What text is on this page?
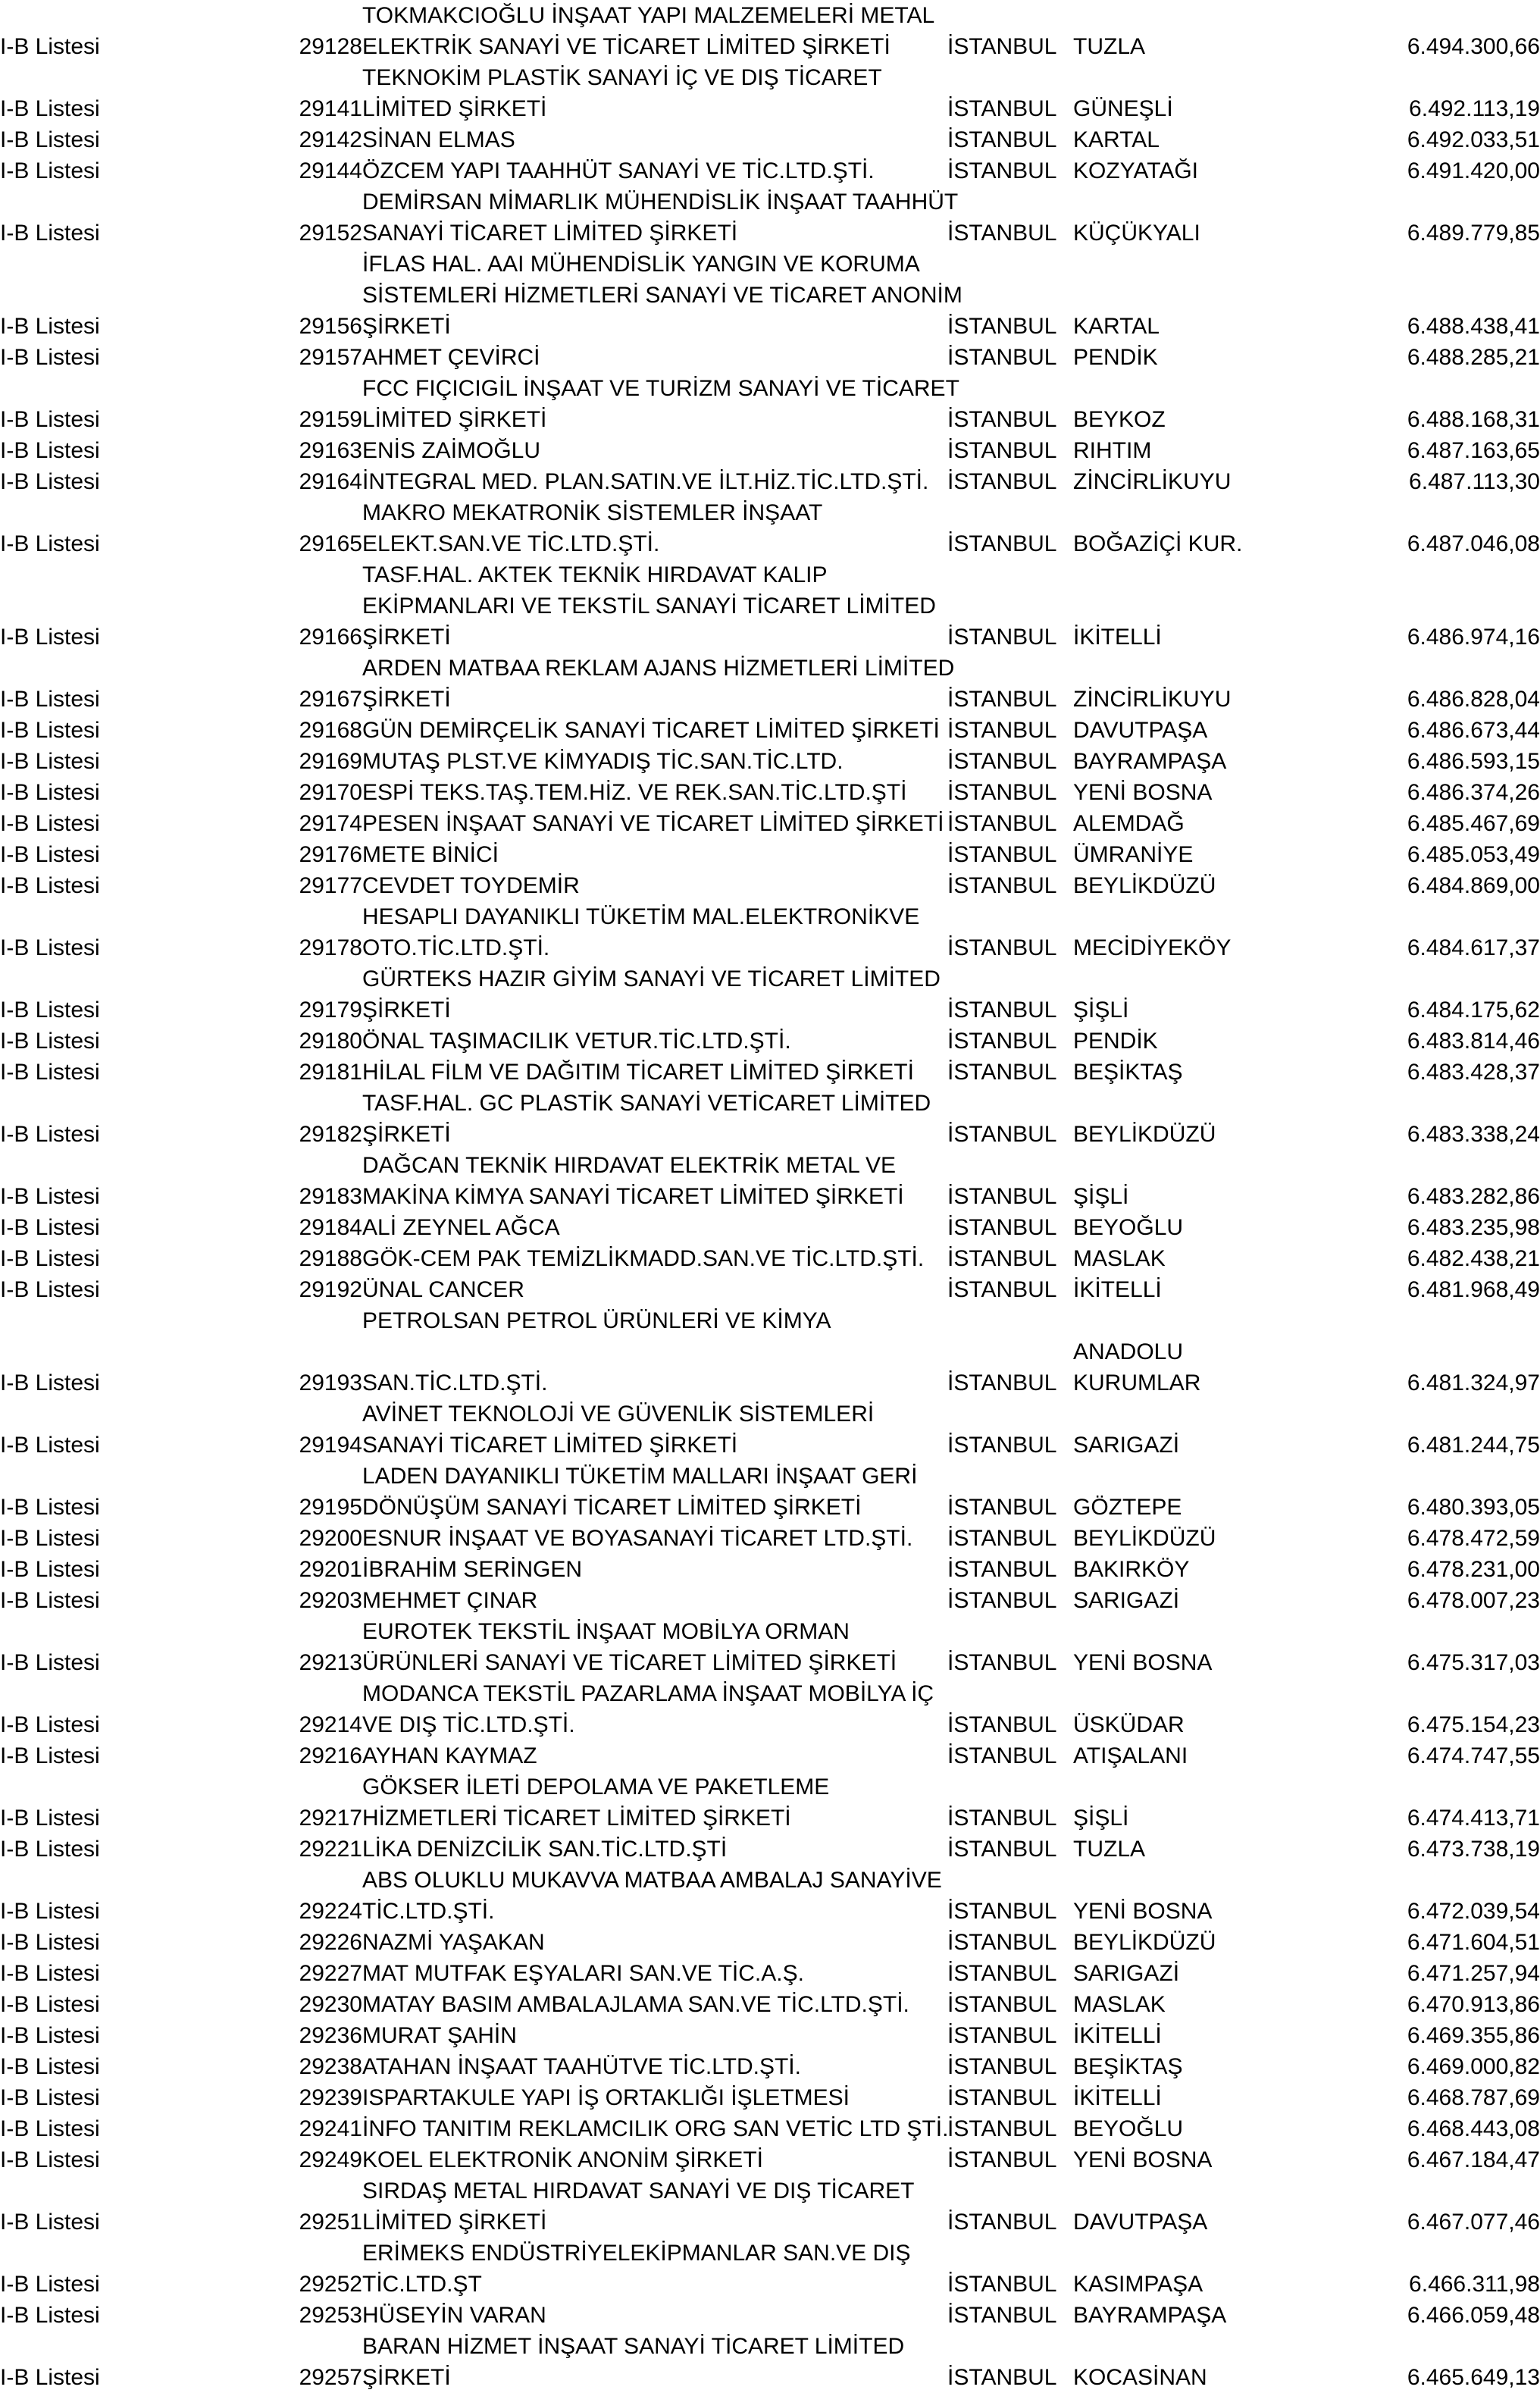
		TOKMAKCIOĞLU İNŞAAT YAPI MALZEMELERİ METAL			
I-B Listesi	29128	ELEKTRİK SANAYİ VE TİCARET LİMİTED ŞİRKETİ	İSTANBUL	TUZLA	6.494.300,66
		TEKNOKİM PLASTİK SANAYİ İÇ VE DIŞ TİCARET			
I-B Listesi	29141	LİMİTED ŞİRKETİ	İSTANBUL	GÜNEŞLİ	6.492.113,19
I-B Listesi	29142	SİNAN ELMAS	İSTANBUL	KARTAL	6.492.033,51
I-B Listesi	29144	ÖZCEM YAPI TAAHHÜT SANAYİ VE TİC.LTD.ŞTİ.	İSTANBUL	KOZYATAĞI	6.491.420,00
		DEMİRSAN MİMARLIK MÜHENDİSLİK İNŞAAT TAAHHÜT			
I-B Listesi	29152	SANAYİ TİCARET LİMİTED ŞİRKETİ	İSTANBUL	KÜÇÜKYALI	6.489.779,85
		İFLAS HAL. AAI MÜHENDİSLİK YANGIN VE KORUMA			
		SİSTEMLERİ HİZMETLERİ SANAYİ VE TİCARET ANONİM			
I-B Listesi	29156	ŞİRKETİ	İSTANBUL	KARTAL	6.488.438,41
I-B Listesi	29157	AHMET ÇEVİRCİ	İSTANBUL	PENDİK	6.488.285,21
		FCC FIÇICIGİL İNŞAAT VE TURİZM SANAYİ VE TİCARET			
I-B Listesi	29159	LİMİTED ŞİRKETİ	İSTANBUL	BEYKOZ	6.488.168,31
I-B Listesi	29163	ENİS ZAİMOĞLU	İSTANBUL	RIHTIM	6.487.163,65
I-B Listesi	29164	İNTEGRAL MED. PLAN.SATIN.VE İLT.HİZ.TİC.LTD.ŞTİ.	İSTANBUL	ZİNCİRLİKUYU	6.487.113,30
		MAKRO MEKATRONİK SİSTEMLER İNŞAAT			
I-B Listesi	29165	ELEKT.SAN.VE TİC.LTD.ŞTİ.	İSTANBUL	BOĞAZİÇİ KUR.	6.487.046,08
		TASF.HAL. AKTEK TEKNİK HIRDAVAT KALIP			
		EKİPMANLARI VE TEKSTİL SANAYİ TİCARET LİMİTED			
I-B Listesi	29166	ŞİRKETİ	İSTANBUL	İKİTELLİ	6.486.974,16
		ARDEN MATBAA REKLAM AJANS HİZMETLERİ LİMİTED			
I-B Listesi	29167	ŞİRKETİ	İSTANBUL	ZİNCİRLİKUYU	6.486.828,04
I-B Listesi	29168	GÜN DEMİRÇELİK SANAYİ TİCARET LİMİTED ŞİRKETİ	İSTANBUL	DAVUTPAŞA	6.486.673,44
I-B Listesi	29169	MUTAŞ PLST.VE KİMYADIŞ TİC.SAN.TİC.LTD.	İSTANBUL	BAYRAMPAŞA	6.486.593,15
I-B Listesi	29170	ESPİ TEKS.TAŞ.TEM.HİZ. VE REK.SAN.TİC.LTD.ŞTİ	İSTANBUL	YENİ BOSNA	6.486.374,26
I-B Listesi	29174	PESEN İNŞAAT SANAYİ VE TİCARET LİMİTED ŞİRKETİ	İSTANBUL	ALEMDAĞ	6.485.467,69
I-B Listesi	29176	METE BİNİCİ	İSTANBUL	ÜMRANİYE	6.485.053,49
I-B Listesi	29177	CEVDET TOYDEMİR	İSTANBUL	BEYLİKDÜZÜ	6.484.869,00
		HESAPLI DAYANIKLI TÜKETİM MAL.ELEKTRONİKVE			
I-B Listesi	29178	OTO.TİC.LTD.ŞTİ.	İSTANBUL	MECİDİYEKÖY	6.484.617,37
		GÜRTEKS HAZIR GİYİM SANAYİ VE TİCARET LİMİTED			
I-B Listesi	29179	ŞİRKETİ	İSTANBUL	ŞİŞLİ	6.484.175,62
I-B Listesi	29180	ÖNAL TAŞIMACILIK VETUR.TİC.LTD.ŞTİ.	İSTANBUL	PENDİK	6.483.814,46
I-B Listesi	29181	HİLAL FİLM VE DAĞITIM TİCARET LİMİTED ŞİRKETİ	İSTANBUL	BEŞİKTAŞ	6.483.428,37
		TASF.HAL. GC PLASTİK SANAYİ VETİCARET LİMİTED			
I-B Listesi	29182	ŞİRKETİ	İSTANBUL	BEYLİKDÜZÜ	6.483.338,24
		DAĞCAN TEKNİK HIRDAVAT ELEKTRİK METAL VE			
I-B Listesi	29183	MAKİNA KİMYA SANAYİ TİCARET LİMİTED ŞİRKETİ	İSTANBUL	ŞİŞLİ	6.483.282,86
I-B Listesi	29184	ALİ ZEYNEL AĞCA	İSTANBUL	BEYOĞLU	6.483.235,98
I-B Listesi	29188	GÖK-CEM PAK TEMİZLİKMADD.SAN.VE TİC.LTD.ŞTİ.	İSTANBUL	MASLAK	6.482.438,21
I-B Listesi	29192	ÜNAL CANCER	İSTANBUL	İKİTELLİ	6.481.968,49
		PETROLSAN PETROL ÜRÜNLERİ VE KİMYA			
				ANADOLU	
I-B Listesi	29193	SAN.TİC.LTD.ŞTİ.	İSTANBUL	KURUMLAR	6.481.324,97
		AVİNET TEKNOLOJİ VE GÜVENLİK SİSTEMLERİ			
I-B Listesi	29194	SANAYİ TİCARET LİMİTED ŞİRKETİ	İSTANBUL	SARIGAZİ	6.481.244,75
		LADEN DAYANIKLI TÜKETİM MALLARI İNŞAAT GERİ			
I-B Listesi	29195	DÖNÜŞÜM SANAYİ TİCARET LİMİTED ŞİRKETİ	İSTANBUL	GÖZTEPE	6.480.393,05
I-B Listesi	29200	ESNUR İNŞAAT VE BOYASANAYİ TİCARET LTD.ŞTİ.	İSTANBUL	BEYLİKDÜZÜ	6.478.472,59
I-B Listesi	29201	İBRAHİM SERİNGEN	İSTANBUL	BAKIRKÖY	6.478.231,00
I-B Listesi	29203	MEHMET ÇINAR	İSTANBUL	SARIGAZİ	6.478.007,23
		EUROTEK TEKSTİL İNŞAAT MOBİLYA ORMAN			
I-B Listesi	29213	ÜRÜNLERİ SANAYİ VE TİCARET LİMİTED ŞİRKETİ	İSTANBUL	YENİ BOSNA	6.475.317,03
		MODANCA TEKSTİL PAZARLAMA İNŞAAT MOBİLYA İÇ			
I-B Listesi	29214	VE DIŞ TİC.LTD.ŞTİ.	İSTANBUL	ÜSKÜDAR	6.475.154,23
I-B Listesi	29216	AYHAN KAYMAZ	İSTANBUL	ATIŞALANI	6.474.747,55
		GÖKSER İLETİ DEPOLAMA VE PAKETLEME			
I-B Listesi	29217	HİZMETLERİ TİCARET LİMİTED ŞİRKETİ	İSTANBUL	ŞİŞLİ	6.474.413,71
I-B Listesi	29221	LİKA DENİZCİLİK SAN.TİC.LTD.ŞTİ	İSTANBUL	TUZLA	6.473.738,19
		ABS OLUKLU MUKAVVA MATBAA AMBALAJ SANAYİVE			
I-B Listesi	29224	TİC.LTD.ŞTİ.	İSTANBUL	YENİ BOSNA	6.472.039,54
I-B Listesi	29226	NAZMİ YAŞAKAN	İSTANBUL	BEYLİKDÜZÜ	6.471.604,51
I-B Listesi	29227	MAT MUTFAK EŞYALARI SAN.VE TİC.A.Ş.	İSTANBUL	SARIGAZİ	6.471.257,94
I-B Listesi	29230	MATAY BASIM AMBALAJLAMA SAN.VE TİC.LTD.ŞTİ.	İSTANBUL	MASLAK	6.470.913,86
I-B Listesi	29236	MURAT ŞAHİN	İSTANBUL	İKİTELLİ	6.469.355,86
I-B Listesi	29238	ATAHAN İNŞAAT TAAHÜTVE TİC.LTD.ŞTİ.	İSTANBUL	BEŞİKTAŞ	6.469.000,82
I-B Listesi	29239	ISPARTAKULE YAPI İŞ ORTAKLIĞI İŞLETMESİ	İSTANBUL	İKİTELLİ	6.468.787,69
I-B Listesi	29241	İNFO TANITIM REKLAMCILIK ORG SAN VETİC LTD ŞTİ.	İSTANBUL	BEYOĞLU	6.468.443,08
I-B Listesi	29249	KOEL ELEKTRONİK ANONİM ŞİRKETİ	İSTANBUL	YENİ BOSNA	6.467.184,47
		SIRDAŞ METAL HIRDAVAT SANAYİ VE DIŞ TİCARET			
I-B Listesi	29251	LİMİTED ŞİRKETİ	İSTANBUL	DAVUTPAŞA	6.467.077,46
		ERİMEKS ENDÜSTRİYELEKİPMANLAR SAN.VE DIŞ			
I-B Listesi	29252	TİC.LTD.ŞT	İSTANBUL	KASIMPAŞA	6.466.311,98
I-B Listesi	29253	HÜSEYİN VARAN	İSTANBUL	BAYRAMPAŞA	6.466.059,48
		BARAN HİZMET İNŞAAT SANAYİ TİCARET LİMİTED			
I-B Listesi	29257	ŞİRKETİ	İSTANBUL	KOCASİNAN	6.465.649,13
